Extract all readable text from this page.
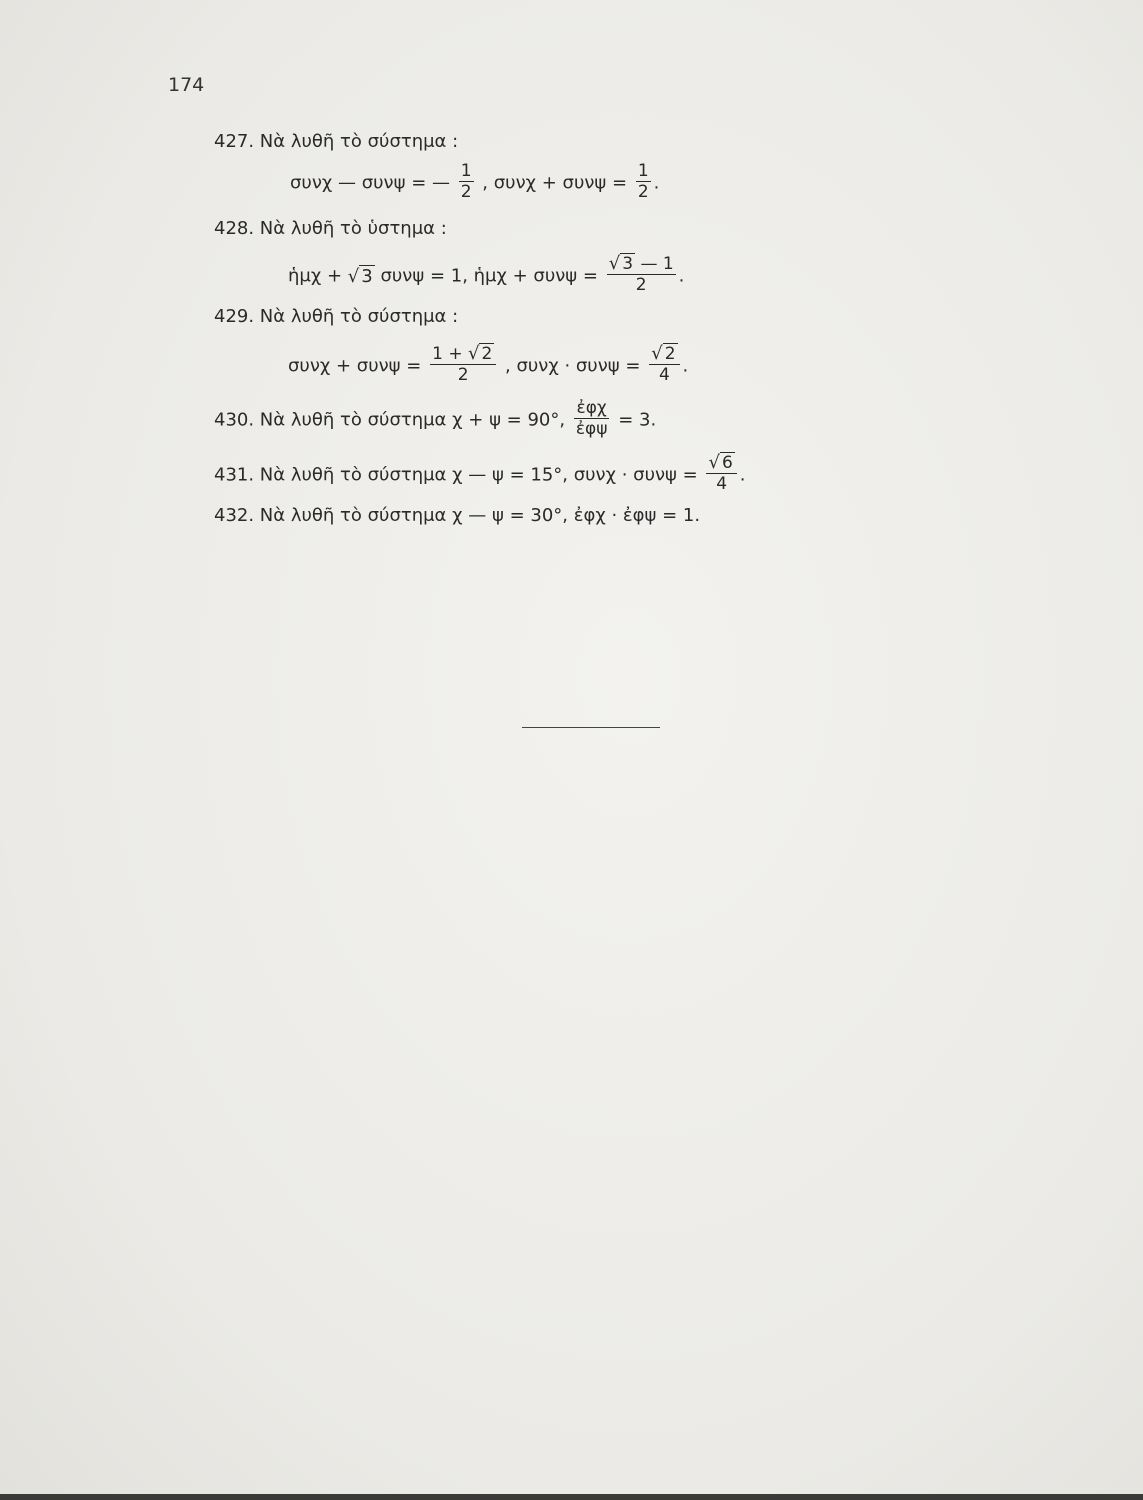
174
427. Νὰ λυθῆ τὸ σύστημα :
συνχ — συνψ = — $\frac{1}{2}$ , $\sigma\upsilon\nu\chi + \sigma\upsilon\nu\psi = \frac{1}{2}$ .
428. Νὰ λυθῆ τὸ ὑστημα :
ἡμχ + √ 3 συνψ = 1, ἡμχ + $\sigma\upsilon\nu\psi = \frac{√ 3 — 1}{2}$ .
429. Νὰ λυθῆ τὸ σύστημα :
$\sigma\upsilon\nu\chi + \sigma\upsilon\nu\psi = \frac{1 + √ 2}{2}$ , $\sigma\upsilon\nu\chi \cdot \sigma\upsilon\nu\psi = \frac{√ 2}{4}$ .
430. Νὰ λυθῆ τὸ σύστημα χ + ψ = 90°, $\frac{\text{ἐφχ}}{\text{ἐφψ}} = 3$.
431. Νὰ λυθῆ τὸ σύστημα χ — ψ = 15°, $\sigma\upsilon\nu\chi \cdot \sigma\upsilon\nu\psi = \frac{√ 6}{4}$ .
432. Νὰ λυθῆ τὸ σύστημα χ — ψ = 30°, ἐφχ · ἐφψ = 1.
